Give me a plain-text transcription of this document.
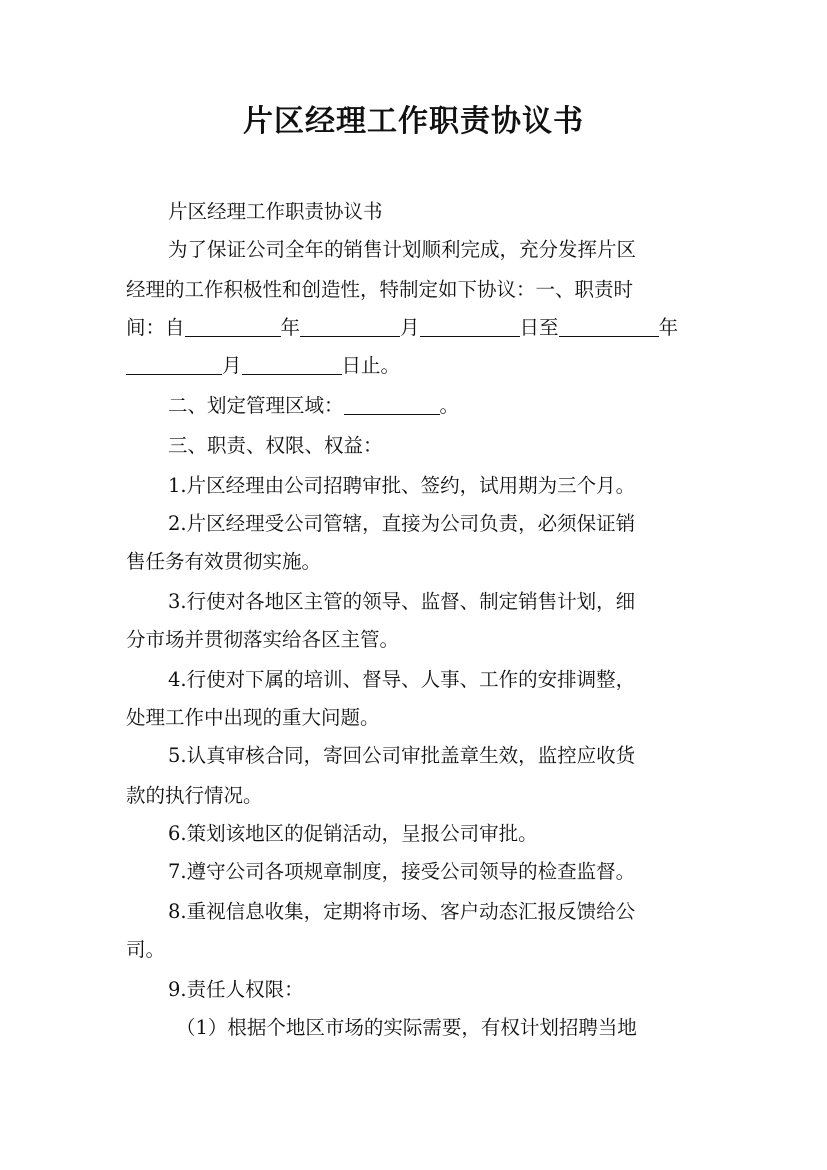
片区经理工作职责协议书
片区经理工作职责协议书
为了保证公司全年的销售计划顺利完成，充分发挥片区
经理的工作积极性和创造性，特制定如下协议：一、职责时
间：自	年	月	日至	年
月	日止。
二、划定管理区域：	。
三、职责、权限、权益：
1.片区经理由公司招聘审批、签约，试用期为三个月。
2.片区经理受公司管辖，直接为公司负责，必须保证销
售任务有效贯彻实施。
3.行使对各地区主管的领导、监督、制定销售计划，细
分市场并贯彻落实给各区主管。
4.行使对下属的培训、督导、人事、工作的安排调整，
处理工作中出现的重大问题。
5.认真审核合同，寄回公司审批盖章生效，监控应收货
款的执行情况。
6.策划该地区的促销活动，呈报公司审批。
7.遵守公司各项规章制度，接受公司领导的检查监督。
8.重视信息收集，定期将市场、客户动态汇报反馈给公
司。
9.责任人权限：
（1）根据个地区市场的实际需要，有权计划招聘当地
